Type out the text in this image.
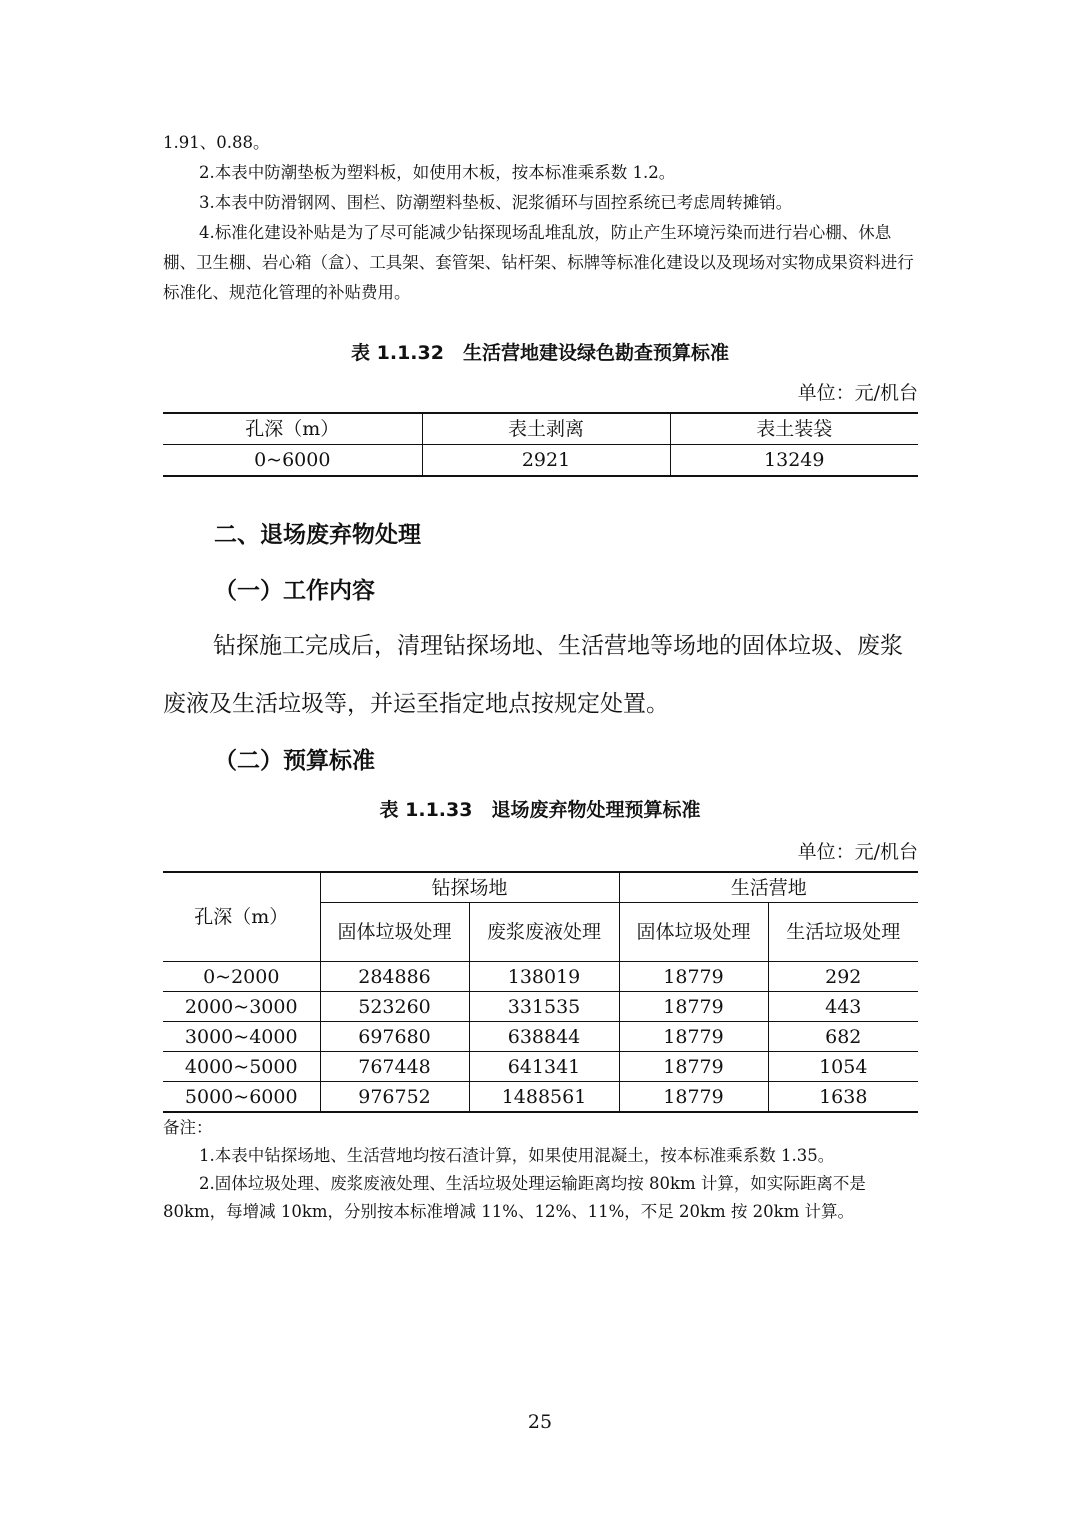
1.91、0.88。

2.本表中防潮垫板为塑料板，如使用木板，按本标准乘系数 1.2。

3.本表中防滑钢网、围栏、防潮塑料垫板、泥浆循环与固控系统已考虑周转摊销。

4.标准化建设补贴是为了尽可能减少钻探现场乱堆乱放，防止产生环境污染而进行岩心棚、休息棚、卫生棚、岩心箱（盒）、工具架、套管架、钻杆架、标牌等标准化建设以及现场对实物成果资料进行标准化、规范化管理的补贴费用。

表 1.1.32　生活营地建设绿色勘查预算标准
单位：元/机台
孔深（m）	表土剥离	表土装袋
0~6000	2921	13249
二、退场废弃物处理
（一）工作内容

钻探施工完成后，清理钻探场地、生活营地等场地的固体垃圾、废浆废液及生活垃圾等，并运至指定地点按规定处置。

（二）预算标准
表 1.1.33　退场废弃物处理预算标准
单位：元/机台
孔深（m）	钻探场地		生活营地	
	固体垃圾处理	废浆废液处理	固体垃圾处理	生活垃圾处理
0~2000	284886	138019	18779	292
2000~3000	523260	331535	18779	443
3000~4000	697680	638844	18779	682
4000~5000	767448	641341	18779	1054
5000~6000	976752	1488561	18779	1638

备注：

1.本表中钻探场地、生活营地均按石渣计算，如果使用混凝土，按本标准乘系数 1.35。

2.固体垃圾处理、废浆废液处理、生活垃圾处理运输距离均按 80km 计算，如实际距离不是 80km，每增减 10km，分别按本标准增减 11%、12%、11%，不足 20km 按 20km 计算。

25
